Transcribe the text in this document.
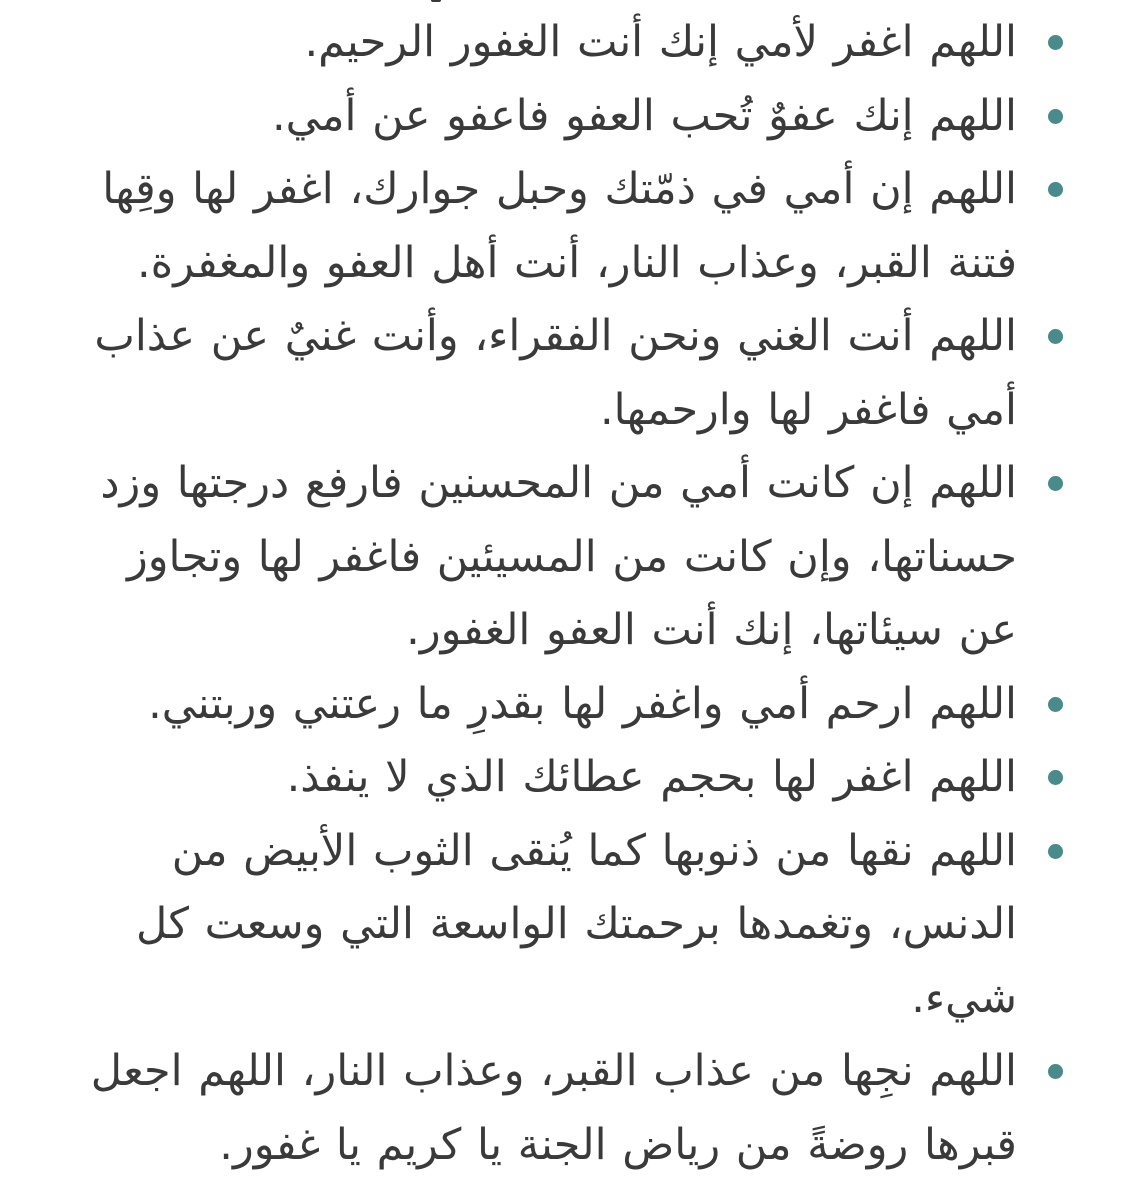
اللهم اغفر لأمي إنك أنت الغفور الرحيم.
اللهم إنك عفوٌ تُحب العفو فاعفو عن أمي.
اللهم إن أمي في ذمّتك وحبل جوارك، اغفر لها وقِها فتنة القبر، وعذاب النار، أنت أهل العفو والمغفرة.
اللهم أنت الغني ونحن الفقراء، وأنت غنيٌ عن عذاب أمي فاغفر لها وارحمها.
اللهم إن كانت أمي من المحسنين فارفع درجتها وزد حسناتها، وإن كانت من المسيئين فاغفر لها وتجاوز عن سيئاتها، إنك أنت العفو الغفور.
اللهم ارحم أمي واغفر لها بقدرِ ما رعتني وربتني.
اللهم اغفر لها بحجم عطائك الذي لا ينفذ.
اللهم نقها من ذنوبها كما يُنقى الثوب الأبيض من الدنس، وتغمدها برحمتك الواسعة التي وسعت كل شيء.
اللهم نجِها من عذاب القبر، وعذاب النار، اللهم اجعل قبرها روضةً من رياض الجنة يا كريم يا غفور.
